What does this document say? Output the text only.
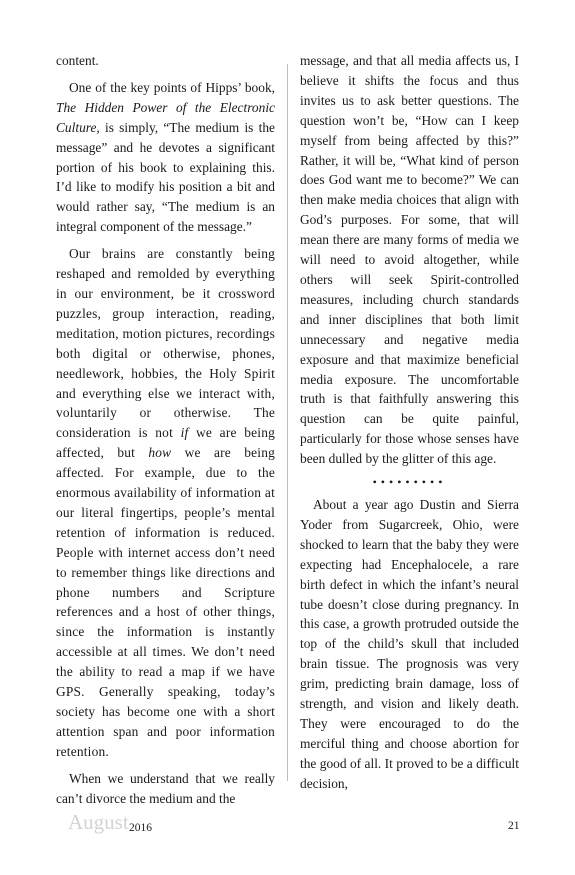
content.

One of the key points of Hipps’ book, The Hidden Power of the Electronic Culture, is simply, “The medium is the message” and he devotes a significant portion of his book to explaining this. I’d like to modify his position a bit and would rather say, “The medium is an integral component of the message.”

Our brains are constantly being reshaped and remolded by everything in our environment, be it crossword puzzles, group interaction, reading, meditation, motion pictures, recordings both digital or otherwise, phones, needlework, hobbies, the Holy Spirit and everything else we interact with, voluntarily or otherwise. The consideration is not if we are being affected, but how we are being affected. For example, due to the enormous availability of information at our literal fingertips, people’s mental retention of information is reduced. People with internet access don’t need to remember things like directions and phone numbers and Scripture references and a host of other things, since the information is instantly accessible at all times. We don’t need the ability to read a map if we have GPS. Generally speaking, today’s society has become one with a short attention span and poor information retention.

When we understand that we really can’t divorce the medium and the

message, and that all media affects us, I believe it shifts the focus and thus invites us to ask better questions. The question won’t be, “How can I keep myself from being affected by this?” Rather, it will be, “What kind of person does God want me to become?” We can then make media choices that align with God’s purposes. For some, that will mean there are many forms of media we will need to avoid altogether, while others will seek Spirit-controlled measures, including church standards and inner disciplines that both limit unnecessary and negative media exposure and that maximize beneficial media exposure. The uncomfortable truth is that faithfully answering this question can be quite painful, particularly for those whose senses have been dulled by the glitter of this age.

•••••••••

About a year ago Dustin and Sierra Yoder from Sugarcreek, Ohio, were shocked to learn that the baby they were expecting had Encephalocele, a rare birth defect in which the infant’s neural tube doesn’t close during pregnancy. In this case, a growth protruded outside the top of the child’s skull that included brain tissue. The prognosis was very grim, predicting brain damage, loss of strength, and vision and likely death. They were encouraged to do the merciful thing and choose abortion for the good of all. It proved to be a difficult decision,

August 2016	21
